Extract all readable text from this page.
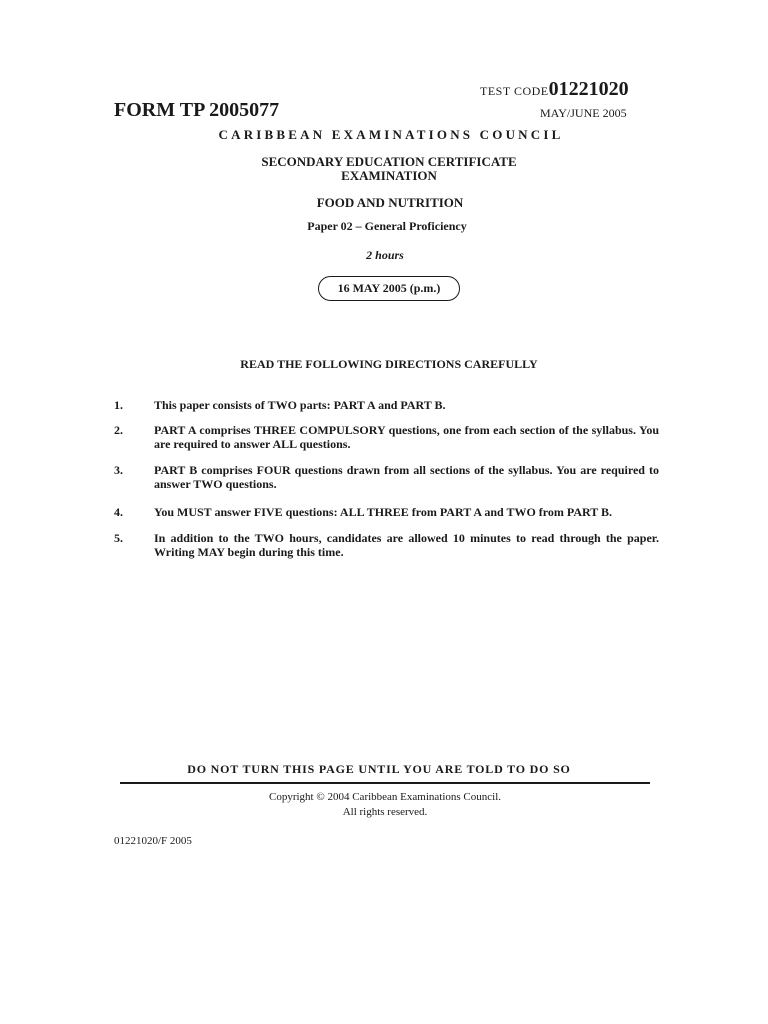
TEST CODE01221020
FORM TP 2005077	MAY/JUNE 2005
CARIBBEAN EXAMINATIONS COUNCIL
SECONDARY EDUCATION CERTIFICATE
EXAMINATION
FOOD AND NUTRITION
Paper 02 – General Proficiency
2 hours
16 MAY 2005 (p.m.)
READ THE FOLLOWING DIRECTIONS CAREFULLY
1.	This paper consists of TWO parts: PART A and PART B.
2.	PART A comprises THREE COMPULSORY questions, one from each section of the syllabus. You are required to answer ALL questions.
3.	PART B comprises FOUR questions drawn from all sections of the syllabus. You are required to answer TWO questions.
4.	You MUST answer FIVE questions: ALL THREE from PART A and TWO from PART B.
5.	In addition to the TWO hours, candidates are allowed 10 minutes to read through the paper. Writing MAY begin during this time.
DO NOT TURN THIS PAGE UNTIL YOU ARE TOLD TO DO SO
Copyright © 2004 Caribbean Examinations Council.
All rights reserved.
01221020/F 2005
